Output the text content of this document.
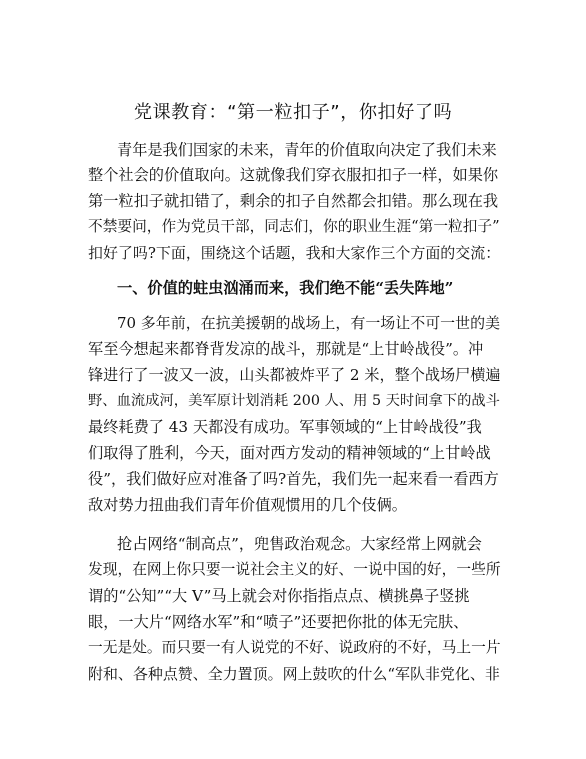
党课教育：“第一粒扣子”，你扣好了吗
青年是我们国家的未来，青年的价值取向决定了我们未来
整个社会的价值取向。这就像我们穿衣服扣扣子一样，如果你
第一粒扣子就扣错了，剩余的扣子自然都会扣错。那么现在我
不禁要问，作为党员干部，同志们，你的职业生涯“第一粒扣子”
扣好了吗?下面，围绕这个话题，我和大家作三个方面的交流：
一、价值的蛀虫汹涌而来，我们绝不能“丢失阵地”
70 多年前，在抗美援朝的战场上，有一场让不可一世的美
军至今想起来都脊背发凉的战斗，那就是“上甘岭战役”。冲
锋进行了一波又一波，山头都被炸平了 2 米，整个战场尸横遍
野、血流成河，美军原计划消耗 200 人、用 5 天时间拿下的战斗
最终耗费了 43 天都没有成功。军事领域的“上甘岭战役”我
们取得了胜利，今天，面对西方发动的精神领域的“上甘岭战
役”，我们做好应对准备了吗?首先，我们先一起来看一看西方
敌对势力扭曲我们青年价值观惯用的几个伎俩。
抢占网络“制高点”，兜售政治观念。大家经常上网就会
发现，在网上你只要一说社会主义的好、一说中国的好，一些所
谓的“公知”“大 V”马上就会对你指指点点、横挑鼻子竖挑
眼，一大片“网络水军”和“喷子”还要把你批的体无完肤、
一无是处。而只要一有人说党的不好、说政府的不好，马上一片
附和、各种点赞、全力置顶。网上鼓吹的什么“军队非党化、非
